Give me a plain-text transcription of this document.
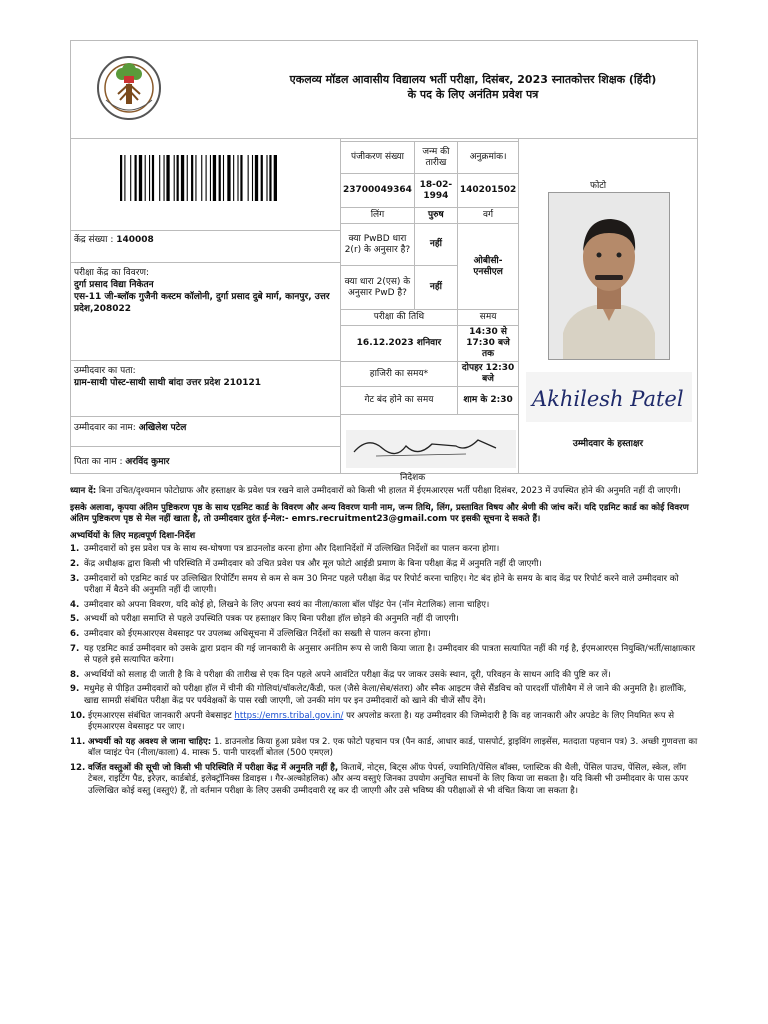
एकलव्य मॉडल आवासीय विद्यालय भर्ती परीक्षा, दिसंबर, 2023 स्नातकोत्तर शिक्षक (हिंदी)
के पद के लिए अनंतिम प्रवेश पत्र
केंद्र संख्या : 140008
परीक्षा केंद्र का विवरण:
दुर्गा प्रसाद विद्या निकेतन
एस-11 जी-ब्लॉक गुजैनी कस्टम कॉलोनी, दुर्गा प्रसाद दुबे मार्ग, कानपुर, उत्तर प्रदेश,208022
उम्मीदवार का पता:
ग्राम-साथी पोस्ट-साथी साथी बांदा उत्तर प्रदेश 210121
उम्मीदवार का नाम: अखिलेश पटेल
पिता का नाम : अरविंद कुमार
पंजीकरण संख्या	जन्म की तारीख	अनुक्रमांक।
23700049364	18-02-1994	140201502
लिंग	पुरुष	वर्ग
क्या PwBD धारा 2(r) के अनुसार है?	नहीं	ओबीसी-एनसीएल
क्या धारा 2(एस) के अनुसार PwD है?	नहीं	
परीक्षा की तिथि		समय
16.12.2023 शनिवार		14:30 से 17:30 बजे तक
हाजिरी का समय*		दोपहर 12:30 बजे
गेट बंद होने का समय		शाम के 2:30
फोटो
Akhilesh Patel
उम्मीदवार के हस्ताक्षर
निदेशक

ध्यान दें: बिना उचित/दृश्यमान फोटोग्राफ और हस्ताक्षर के प्रवेश पत्र रखने वाले उम्मीदवारों को किसी भी हालत में ईएमआरएस भर्ती परीक्षा दिसंबर, 2023 में उपस्थित होने की अनुमति नहीं दी जाएगी।

इसके अलावा, कृपया अंतिम पुष्टिकरण पृष्ठ के साथ एडमिट कार्ड के विवरण और अन्य विवरण यानी नाम, जन्म तिथि, लिंग, प्रस्तावित विषय और श्रेणी की जांच करें। यदि एडमिट कार्ड का कोई विवरण अंतिम पुष्टिकरण पृष्ठ से मेल नहीं खाता है, तो उम्मीदवार तुरंत ई-मेल:- emrs.recruitment23@gmail.com पर इसकी सूचना दे सकते हैं।

अभ्यर्थियों के लिए महत्वपूर्ण दिशा-निर्देश

1. उम्मीदवारों को इस प्रवेश पत्र के साथ स्व-घोषणा पत्र डाउनलोड करना होगा और दिशानिर्देशों में उल्लिखित निर्देशों का पालन करना होगा।
2. केंद्र अधीक्षक द्वारा किसी भी परिस्थिति में उम्मीदवार को उचित प्रवेश पत्र और मूल फोटो आईडी प्रमाण के बिना परीक्षा केंद्र में अनुमति नहीं दी जाएगी।
3. उम्मीदवारों को एडमिट कार्ड पर उल्लिखित रिपोर्टिंग समय से कम से कम 30 मिनट पहले परीक्षा केंद्र पर रिपोर्ट करना चाहिए। गेट बंद होने के समय के बाद केंद्र पर रिपोर्ट करने वाले उम्मीदवार को परीक्षा में बैठने की अनुमति नहीं दी जाएगी।
4. उम्मीदवार को अपना विवरण, यदि कोई हो, लिखने के लिए अपना स्वयं का नीला/काला बॉल पॉइंट पेन (नॉन मेटालिक) लाना चाहिए।
5. अभ्यर्थी को परीक्षा समाप्ति से पहले उपस्थिति पत्रक पर हस्ताक्षर किए बिना परीक्षा हॉल छोड़ने की अनुमति नहीं दी जाएगी।
6. उम्मीदवार को ईएमआरएस वेबसाइट पर उपलब्ध अधिसूचना में उल्लिखित निर्देशों का सख्ती से पालन करना होगा।
7. यह एडमिट कार्ड उम्मीदवार को उसके द्वारा प्रदान की गई जानकारी के अनुसार अनंतिम रूप से जारी किया जाता है। उम्मीदवार की पात्रता सत्यापित नहीं की गई है, ईएमआरएस नियुक्ति/भर्ती/साक्षात्कार से पहले इसे सत्यापित करेगा।
8. अभ्यर्थियों को सलाह दी जाती है कि वे परीक्षा की तारीख से एक दिन पहले अपने आवंटित परीक्षा केंद्र पर जाकर उसके स्थान, दूरी, परिवहन के साधन आदि की पुष्टि कर लें।
9. मधुमेह से पीड़ित उम्मीदवारों को परीक्षा हॉल में चीनी की गोलियां/चॉकलेट/कैंडी, फल (जैसे केला/सेब/संतरा) और स्नैक आइटम जैसे सैंडविच को पारदर्शी पॉलीबैग में ले जाने की अनुमति है। हालाँकि, खाद्य सामग्री संबंधित परीक्षा केंद्र पर पर्यवेक्षकों के पास रखी जाएगी, जो उनकी मांग पर इन उम्मीदवारों को खाने की चीजें सौंप देंगे।
10. ईएमआरएस संबंधित जानकारी अपनी वेबसाइट https://emrs.tribal.gov.in/ पर अपलोड करता है। यह उम्मीदवार की जिम्मेदारी है कि वह जानकारी और अपडेट के लिए नियमित रूप से ईएमआरएस वेबसाइट पर जाए।
11. अभ्यर्थी को यह अवश्य ले जाना चाहिए: 1. डाउनलोड किया हुआ प्रवेश पत्र 2. एक फोटो पहचान पत्र (पैन कार्ड, आधार कार्ड, पासपोर्ट, ड्राइविंग लाइसेंस, मतदाता पहचान पत्र) 3. अच्छी गुणवत्ता का बॉल प्वाइंट पेन (नीला/काला) 4. मास्क 5. पानी पारदर्शी बोतल (500 एमएल)
12. वर्जित वस्तुओं की सूची जो किसी भी परिस्थिति में परीक्षा केंद्र में अनुमति नहीं है, किताबें, नोट्स, बिट्स ऑफ पेपर्स, ज्यामिति/पेंसिल बॉक्स, प्लास्टिक की थैली, पेंसिल पाउच, पेंसिल, स्केल, लॉग टेबल, राइटिंग पैड, इरेज़र, कार्डबोर्ड, इलेक्ट्रॉनिक्स डिवाइस । गैर-अल्कोहलिक) और अन्य वस्तुएं जिनका उपयोग अनुचित साधनों के लिए किया जा सकता है। यदि किसी भी उम्मीदवार के पास ऊपर उल्लिखित कोई वस्तु (वस्तुएं) हैं, तो वर्तमान परीक्षा के लिए उसकी उम्मीदवारी रद्द कर दी जाएगी और उसे भविष्य की परीक्षाओं से भी वंचित किया जा सकता है।
